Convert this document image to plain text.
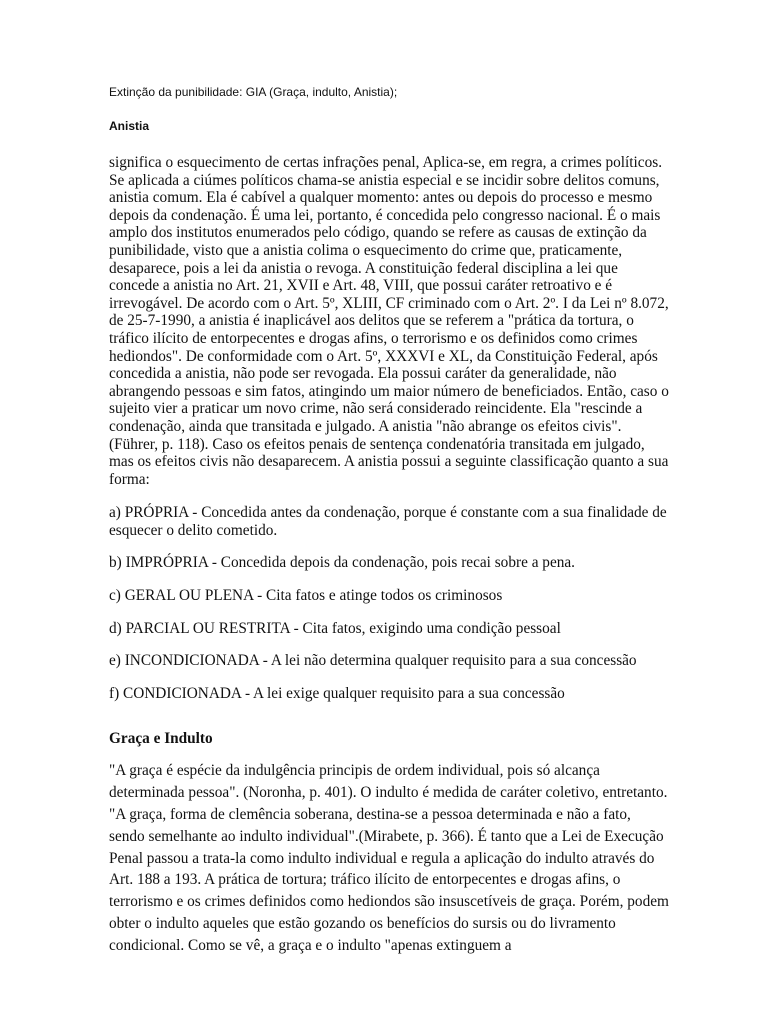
Extinção da punibilidade: GIA (Graça, indulto, Anistia);

Anistia

significa o esquecimento de certas infrações penal, Aplica-se, em regra, a crimes políticos. Se aplicada a ciúmes políticos chama-se anistia especial e se incidir sobre delitos comuns, anistia comum. Ela é cabível a qualquer momento: antes ou depois do processo e mesmo depois da condenação. É uma lei, portanto, é concedida pelo congresso nacional. É o mais amplo dos institutos enumerados pelo código, quando se refere as causas de extinção da punibilidade, visto que a anistia colima o esquecimento do crime que, praticamente, desaparece, pois a lei da anistia o revoga. A constituição federal disciplina a lei que concede a anistia no Art. 21, XVII e Art. 48, VIII, que possui caráter retroativo e é irrevogável. De acordo com o Art. 5º, XLIII, CF criminado com o Art. 2º. I da Lei nº 8.072, de 25-7-1990, a anistia é inaplicável aos delitos que se referem a "prática da tortura, o tráfico ilícito de entorpecentes e drogas afins, o terrorismo e os definidos como crimes hediondos". De conformidade com o Art. 5º, XXXVI e XL, da Constituição Federal, após concedida a anistia, não pode ser revogada. Ela possui caráter da generalidade, não abrangendo pessoas e sim fatos, atingindo um maior número de beneficiados. Então, caso o sujeito vier a praticar um novo crime, não será considerado reincidente. Ela "rescinde a condenação, ainda que transitada e julgado. A anistia "não abrange os efeitos civis". (Führer, p. 118). Caso os efeitos penais de sentença condenatória transitada em julgado, mas os efeitos civis não desaparecem. A anistia possui a seguinte classificação quanto a sua forma:

a) PRÓPRIA - Concedida antes da condenação, porque é constante com a sua finalidade de esquecer o delito cometido.

b) IMPRÓPRIA - Concedida depois da condenação, pois recai sobre a pena.

c) GERAL OU PLENA - Cita fatos e atinge todos os criminosos

d) PARCIAL OU RESTRITA - Cita fatos, exigindo uma condição pessoal

e) INCONDICIONADA - A lei não determina qualquer requisito para a sua concessão

f) CONDICIONADA - A lei exige qualquer requisito para a sua concessão

Graça e Indulto

"A graça é espécie da indulgência principis de ordem individual, pois só alcança determinada pessoa". (Noronha, p. 401). O indulto é medida de caráter coletivo, entretanto. "A graça, forma de clemência soberana, destina-se a pessoa determinada e não a fato, sendo semelhante ao indulto individual".(Mirabete, p. 366). É tanto que a Lei de Execução Penal passou a trata-la como indulto individual e regula a aplicação do indulto através do Art. 188 a 193. A prática de tortura; tráfico ilícito de entorpecentes e drogas afins, o terrorismo e os crimes definidos como hediondos são insuscetíveis de graça. Porém, podem obter o indulto aqueles que estão gozando os benefícios do sursis ou do livramento condicional. Como se vê, a graça e o indulto "apenas extinguem a
